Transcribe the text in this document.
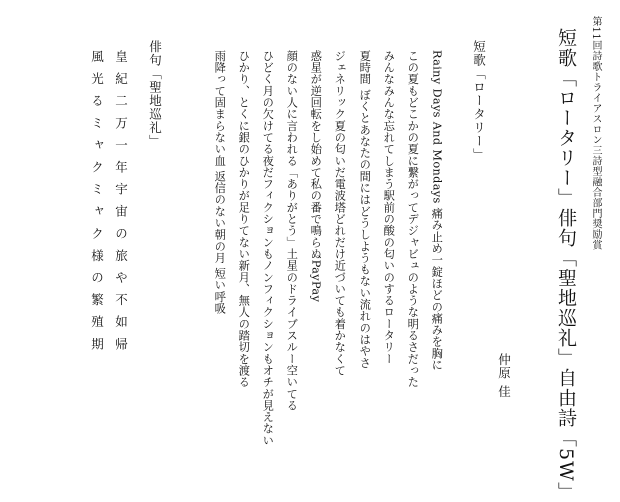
第11回詩歌トライアスロン三詩型融合部門奨励賞
短歌「ロータリー」俳句「聖地巡礼」自由詩「5W」
仲原 佳
短歌「ロータリー」
Rainy Days And Mondays 痛み止め一錠ほどの痛みを胸に
この夏もどこかの夏に繋がってデジャビュのような明るさだった
みんなみんな忘れてしまう駅前の酸の匂いのするロータリー
夏時間 ぼくとあなたの間にはどうしようもない流れのはやさ
ジェネリック夏の匂いだ電波塔どれだけ近づいても着かなくて
惑星が逆回転をし始めて私の番で鳴らぬPayPay
顔のない人に言われる「ありがとう」土星のドライブスルー空いてる
ひどく月の欠けてる夜だフィクションもノンフィクションもオチが見えない
ひかり、とくに銀のひかりが足りてない新月、無人の踏切を渡る
雨降って固まらない血 返信のない朝の月 短い呼吸
俳句「聖地巡礼」
皇紀二万一年宇宙の旅や不如帰
風光るミャクミャク様の繁殖期
